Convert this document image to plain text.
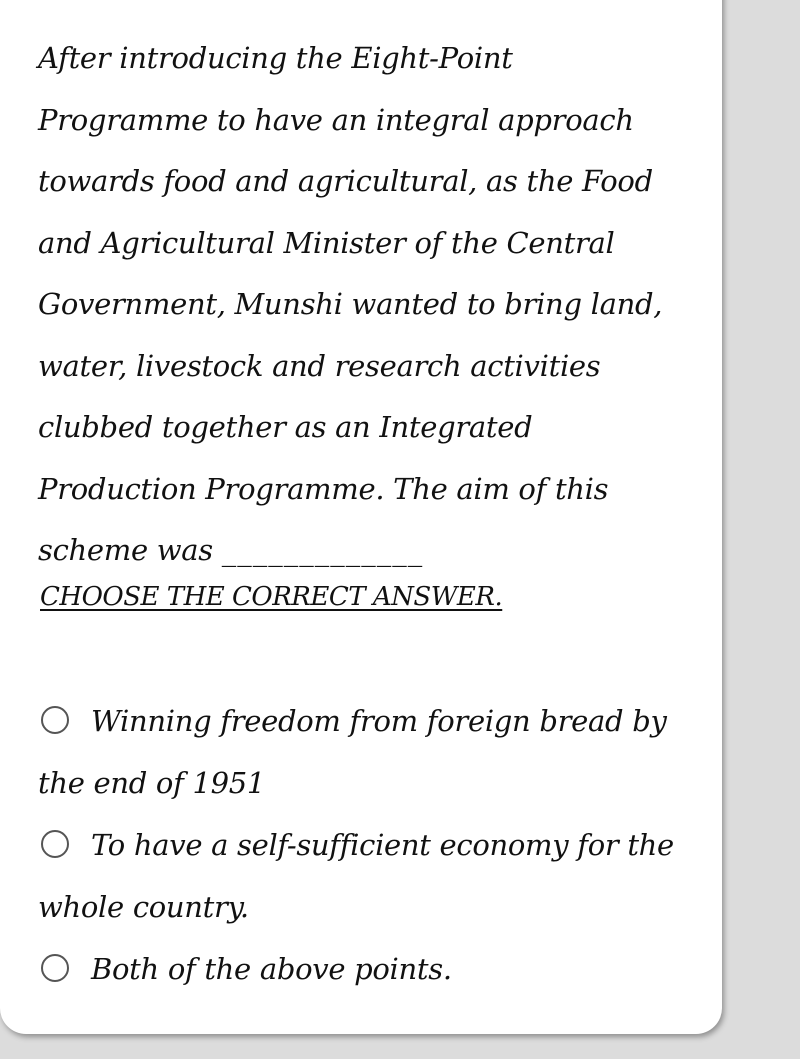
After introducing the Eight-Point Programme to have an integral approach towards food and agricultural, as the Food and Agricultural Minister of the Central Government, Munshi wanted to bring land, water, livestock and research activities clubbed together as an Integrated Production Programme. The aim of this scheme was _____________

CHOOSE THE CORRECT ANSWER.

Winning freedom from foreign bread by the end of 1951
To have a self-sufficient economy for the whole country.
Both of the above points.
